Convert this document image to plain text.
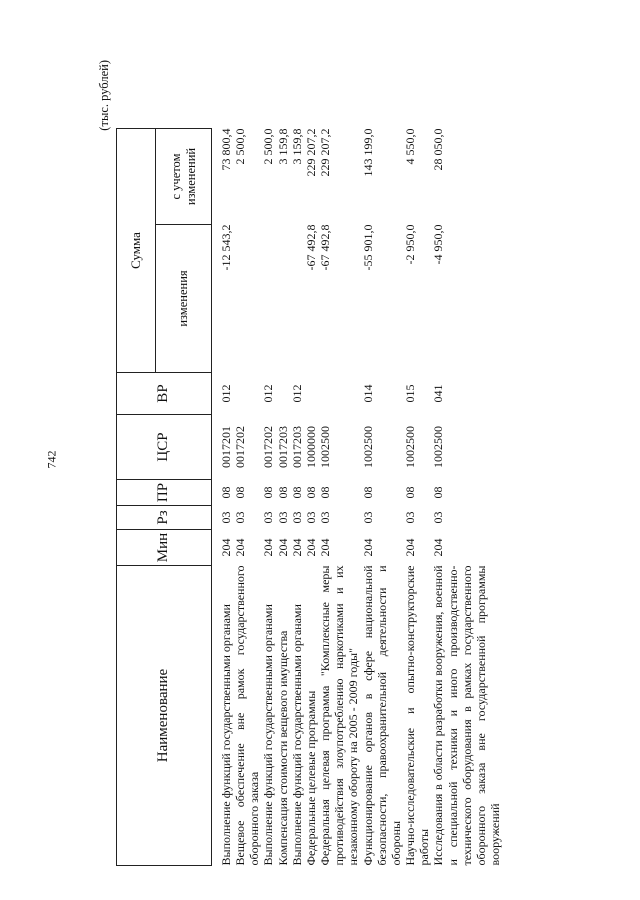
742
(тыс. рублей)
Наименование	Мин	Рз	ПР	ЦСР	ВР	Сумма	
						изменения	с учетом изменений
Выполнение функций государственными органами	204	03	08	0017201	012	-12 543,2	73 800,4
Вещевое обеспечение вне рамок государственного оборонного заказа	204	03	08	0017202			2 500,0
Выполнение функций государственными органами	204	03	08	0017202	012		2 500,0
Компенсация стоимости вещевого имущества	204	03	08	0017203			3 159,8
Выполнение функций государственными органами	204	03	08	0017203	012		3 159,8
Федеральные целевые программы	204	03	08	1000000		-67 492,8	229 207,2
Федеральная целевая программа "Комплексные меры противодействия злоупотреблению наркотиками и их незаконному обороту на 2005 - 2009 годы"	204	03	08	1002500		-67 492,8	229 207,2
Функционирование органов в сфере национальной безопасности, правоохранительной деятельности и обороны	204	03	08	1002500	014	-55 901,0	143 199,0
Научно-исследовательские и опытно-конструкторские работы	204	03	08	1002500	015	-2 950,0	4 550,0
Исследования в области разработки вооружения, военной и специальной техники и иного производственно-технического оборудования в рамках государственного оборонного заказа вне государственной программы вооружений	204	03	08	1002500	041	-4 950,0	28 050,0
